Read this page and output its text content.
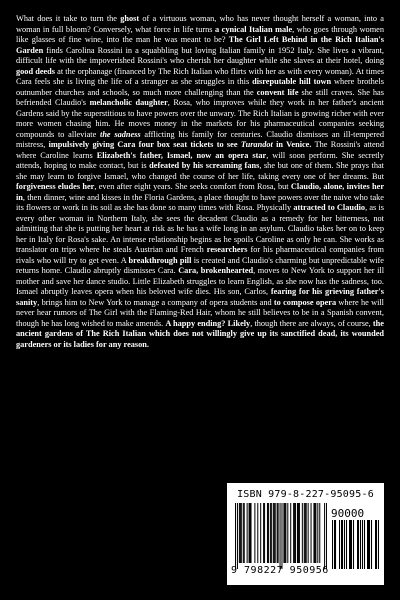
What does it take to turn the ghost of a virtuous woman, who has never thought herself a woman, into a woman in full bloom? Conversely, what force in life turns a cynical Italian male, who goes through women like glasses of fine wine, into the man he was meant to be? The Girl Left Behind in the Rich Italian's Garden finds Carolina Rossini in a squabbling but loving Italian family in 1952 Italy. She lives a vibrant, difficult life with the impoverished Rossini's who cherish her daughter while she slaves at their hotel, doing good deeds at the orphanage (financed by The Rich Italian who flirts with her as with every woman). At times Cara feels she is living the life of a stranger as she struggles in this disreputable hill town where brothels outnumber churches and schools, so much more challenging than the convent life she still craves. She has befriended Claudio's melancholic daughter, Rosa, who improves while they work in her father's ancient Gardens said by the superstitious to have powers over the unwary. The Rich Italian is growing richer with ever more women chasing him. He moves money in the markets for his pharmaceutical companies seeking compounds to alleviate the sadness afflicting his family for centuries. Claudio dismisses an ill-tempered mistress, impulsively giving Cara four box seat tickets to see Turandot in Venice. The Rossini's attend where Caroline learns Elizabeth's father, Ismael, now an opera star, will soon perform. She secretly attends, hoping to make contact, but is defeated by his screaming fans, she but one of them. She prays that she may learn to forgive Ismael, who changed the course of her life, taking every one of her dreams. But forgiveness eludes her, even after eight years. She seeks comfort from Rosa, but Claudio, alone, invites her in, then dinner, wine and kisses in the Floria Gardens, a place thought to have powers over the naive who take its flowers or work in its soil as she has done so many times with Rosa. Physically attracted to Claudio, as is every other woman in Northern Italy, she sees the decadent Claudio as a remedy for her bitterness, not admitting that she is putting her heart at risk as he has a wife long in an asylum. Claudio takes her on to keep her in Italy for Rosa's sake. An intense relationship begins as he spoils Caroline as only he can. She works as translator on trips where he steals Austrian and French researchers for his pharmaceutical companies from rivals who will try to get even. A breakthrough pill is created and Claudio's charming but unpredictable wife returns home. Claudio abruptly dismisses Cara. Cara, brokenhearted, moves to New York to support her ill mother and save her dance studio. Little Elizabeth struggles to learn English, as she now has the sadness, too. Ismael abruptly leaves opera when his beloved wife dies. His son, Carlos, fearing for his grieving father's sanity, brings him to New York to manage a company of opera students and to compose opera where he will never hear rumors of The Girl with the Flaming-Red Hair, whom he still believes to be in a Spanish convent, though he has long wished to make amends. A happy ending? Likely, though there are always, of course, the ancient gardens of The Rich Italian which does not willingly give up its sanctified dead, its wounded gardeners or its ladies for any reason.

ISBN 979-8-227-95095-6
90000
9 798227 950956
